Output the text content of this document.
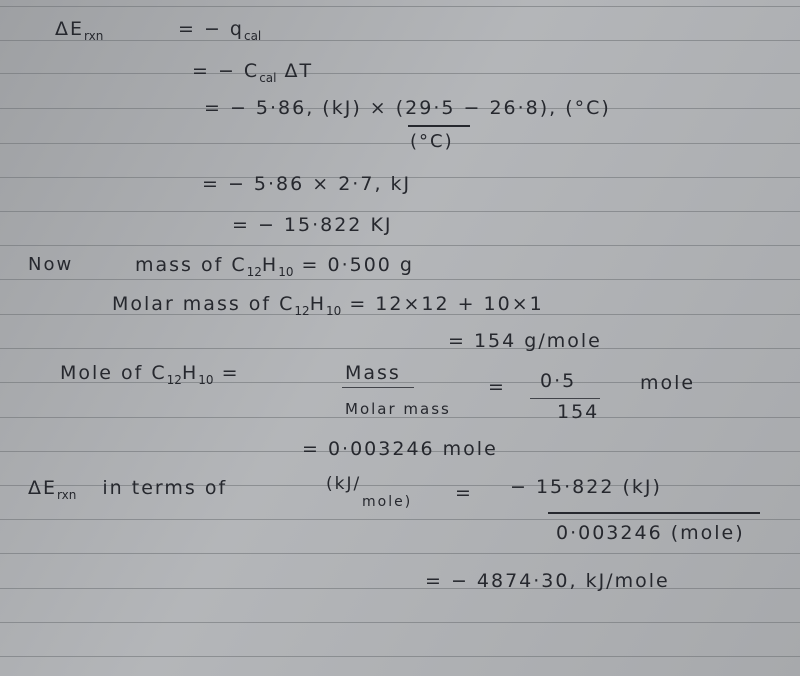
$\Delta E_{rxn}$	= − $q_{cal}$
= − $C_{cal}$ ΔT
= − 5·86, (kJ) × (29·5 − 26·8), (°C)
(°C)
= − 5·86 × 2·7, kJ
= − 15·822 KJ
Now	mass of $C_{12}H_{10} = 0\cdot 500$ g
Molar mass of $C_{12}H_{10} = 12\times 12 + 10\times 1$
= 154 g/mole
Mole of $C_{12}H_{10}$ =	Mass
= 0·5	mole
Molar mass	154
= 0·003246 mole
$\Delta E_{rxn}$ in terms of	(kJ/
mole) = − 15·822 (kJ)
0·003246 (mole)
= − 4874·30, kJ/mole
